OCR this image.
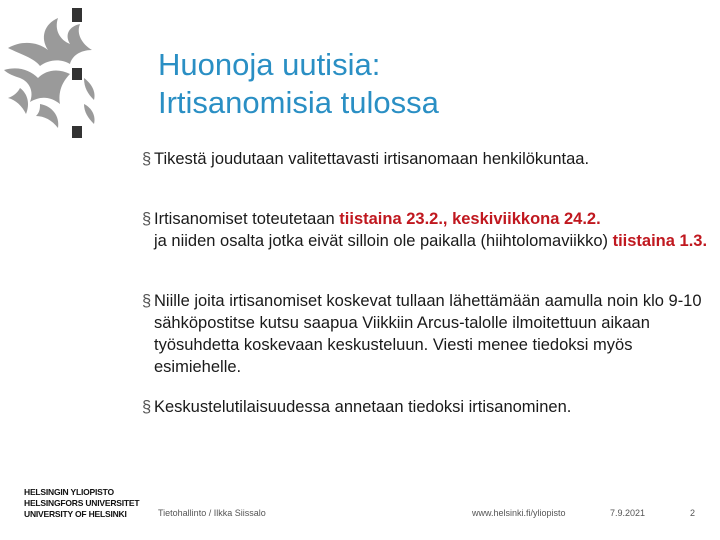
Huonoja uutisia:
Irtisanomisia tulossa
§ Tikestä joudutaan valitettavasti irtisanomaan henkilökuntaa.
§ Irtisanomiset toteutetaan tiistaina 23.2., keskiviikkona 24.2.
ja niiden osalta jotka eivät silloin ole paikalla (hiihtolomaviikko) tiistaina 1.3.
§ Niille joita irtisanomiset koskevat tullaan lähettämään aamulla noin klo 9-10 sähköpostitse kutsu saapua Viikkiin Arcus-talolle ilmoitettuun aikaan työsuhdetta koskevaan keskusteluun. Viesti menee tiedoksi myös esimiehelle.
§ Keskustelutilaisuudessa annetaan tiedoksi irtisanominen.
HELSINGIN YLIOPISTO
HELSINGFORS UNIVERSITET
UNIVERSITY OF HELSINKI	Tietohallinto / Ilkka Siissalo	www.helsinki.fi/yliopisto	7.9.2021	2
